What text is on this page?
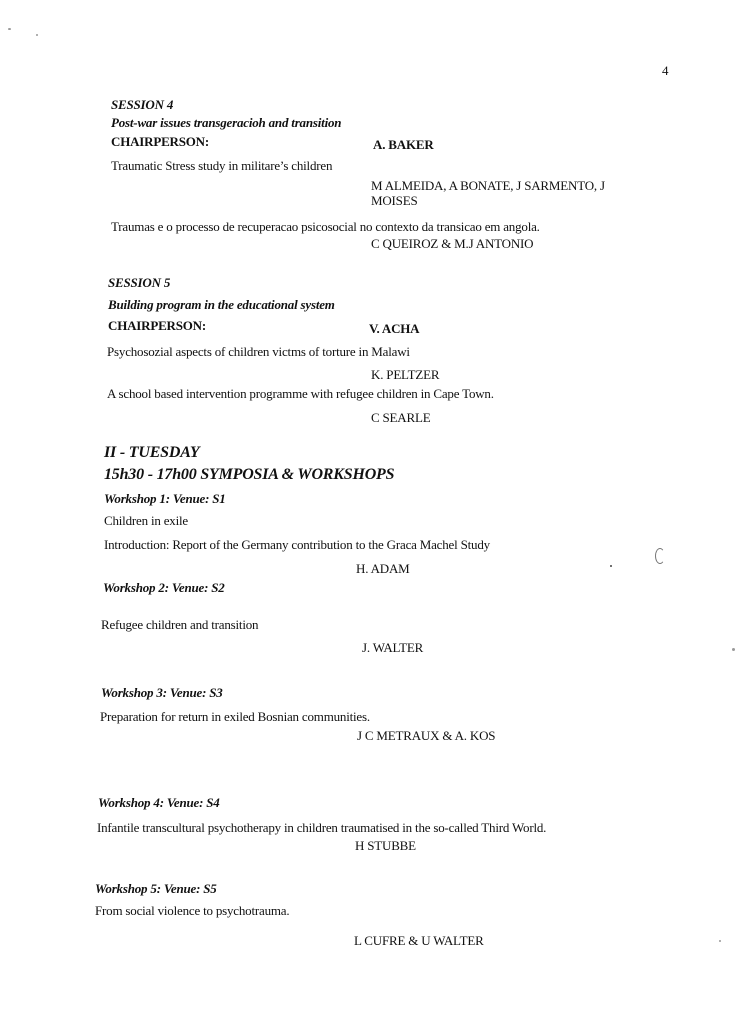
4
SESSION 4
Post-war issues transgeracioh and transition
CHAIRPERSON:	A. BAKER
Traumatic Stress study in militare’s children
M ALMEIDA, A BONATE, J SARMENTO, J
MOISES
Traumas e o processo de recuperacao psicosocial no contexto da transicao em angola.
C QUEIROZ & M.J ANTONIO
SESSION 5
Building program in the educational system
CHAIRPERSON:	V. ACHA
Psychosozial aspects of children victms of torture in Malawi
K. PELTZER
A school based intervention programme with refugee children in Cape Town.
C SEARLE
II - TUESDAY
15h30 - 17h00 SYMPOSIA & WORKSHOPS
Workshop 1: Venue: S1
Children in exile
Introduction: Report of the Germany contribution to the Graca Machel Study
H. ADAM
Workshop 2: Venue: S2
Refugee children and transition
J. WALTER
Workshop 3: Venue: S3
Preparation for return in exiled Bosnian communities.
J C METRAUX & A. KOS
Workshop 4: Venue: S4
Infantile transcultural psychotherapy in children traumatised in the so-called Third World.
H STUBBE
Workshop 5: Venue: S5
From social violence to psychotrauma.
L CUFRE & U WALTER
